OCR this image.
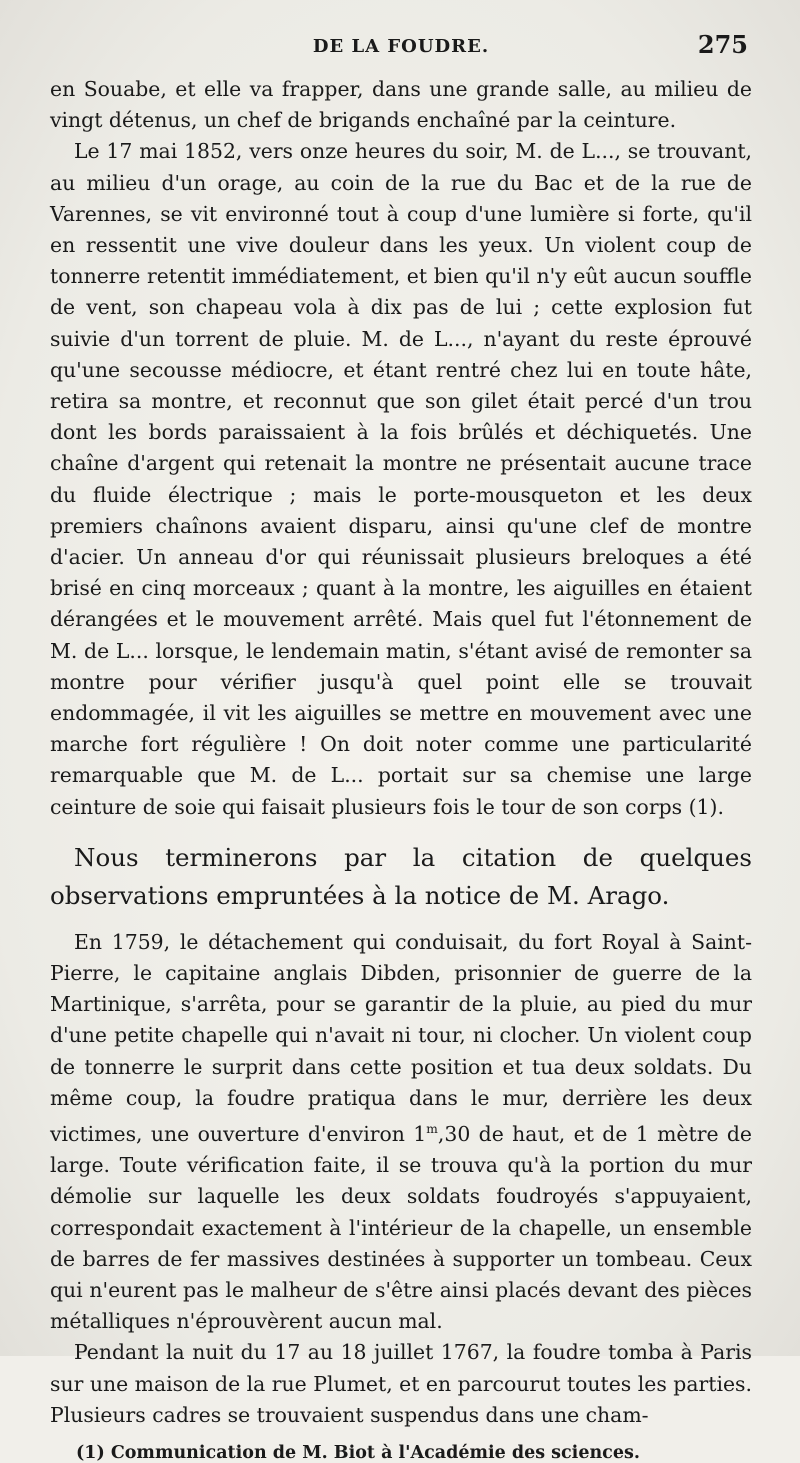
DE LA FOUDRE.	275

en Souabe, et elle va frapper, dans une grande salle, au milieu de vingt détenus, un chef de brigands enchaîné par la ceinture.

Le 17 mai 1852, vers onze heures du soir, M. de L..., se trouvant, au milieu d'un orage, au coin de la rue du Bac et de la rue de Varennes, se vit environné tout à coup d'une lumière si forte, qu'il en ressentit une vive douleur dans les yeux. Un violent coup de tonnerre retentit immédiatement, et bien qu'il n'y eût aucun souffle de vent, son chapeau vola à dix pas de lui ; cette explosion fut suivie d'un torrent de pluie. M. de L..., n'ayant du reste éprouvé qu'une secousse médiocre, et étant rentré chez lui en toute hâte, retira sa montre, et reconnut que son gilet était percé d'un trou dont les bords paraissaient à la fois brûlés et déchiquetés. Une chaîne d'argent qui retenait la montre ne présentait aucune trace du fluide électrique ; mais le porte-mousqueton et les deux premiers chaînons avaient disparu, ainsi qu'une clef de montre d'acier. Un anneau d'or qui réunissait plusieurs breloques a été brisé en cinq morceaux ; quant à la montre, les aiguilles en étaient dérangées et le mouvement arrêté. Mais quel fut l'étonnement de M. de L... lorsque, le lendemain matin, s'étant avisé de remonter sa montre pour vérifier jusqu'à quel point elle se trouvait endommagée, il vit les aiguilles se mettre en mouvement avec une marche fort régulière ! On doit noter comme une particularité remarquable que M. de L... portait sur sa chemise une large ceinture de soie qui faisait plusieurs fois le tour de son corps (1).

Nous terminerons par la citation de quelques observations empruntées à la notice de M. Arago.

En 1759, le détachement qui conduisait, du fort Royal à Saint-Pierre, le capitaine anglais Dibden, prisonnier de guerre de la Martinique, s'arrêta, pour se garantir de la pluie, au pied du mur d'une petite chapelle qui n'avait ni tour, ni clocher. Un violent coup de tonnerre le surprit dans cette position et tua deux soldats. Du même coup, la foudre pratiqua dans le mur, derrière les deux victimes, une ouverture d'environ 1$^m$,30 de haut, et de 1 mètre de large. Toute vérification faite, il se trouva qu'à la portion du mur démolie sur laquelle les deux soldats foudroyés s'appuyaient, correspondait exactement à l'intérieur de la chapelle, un ensemble de barres de fer massives destinées à supporter un tombeau. Ceux qui n'eurent pas le malheur de s'être ainsi placés devant des pièces métalliques n'éprouvèrent aucun mal.

Pendant la nuit du 17 au 18 juillet 1767, la foudre tomba à Paris sur une maison de la rue Plumet, et en parcourut toutes les parties. Plusieurs cadres se trouvaient suspendus dans une cham-

(1) Communication de M. Biot à l'Académie des sciences.
